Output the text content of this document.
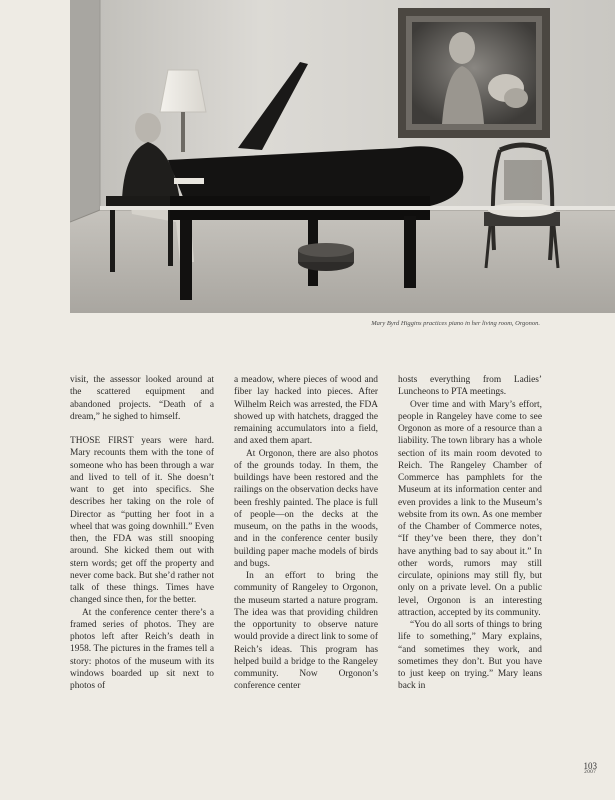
Mary Byrd Higgins practices piano in her living room, Orgonon.

visit, the assessor looked around at the scattered equipment and abandoned projects. “Death of a dream,” he sighed to himself.

THOSE FIRST years were hard. Mary recounts them with the tone of someone who has been through a war and lived to tell of it. She doesn’t want to get into specifics. She describes her taking on the role of Director as “putting her foot in a wheel that was going downhill.” Even then, the FDA was still snooping around. She kicked them out with stern words; get off the property and never come back. But she’d rather not talk of these things. Times have changed since then, for the better.

At the conference center there’s a framed series of photos. They are photos left after Reich’s death in 1958. The pictures in the frames tell a story: photos of the museum with its windows boarded up sit next to photos of

a meadow, where pieces of wood and fiber lay hacked into pieces. After Wilhelm Reich was arrested, the FDA showed up with hatchets, dragged the remaining accumulators into a field, and axed them apart.

At Orgonon, there are also photos of the grounds today. In them, the buildings have been restored and the railings on the observation decks have been freshly painted. The place is full of people—on the decks at the museum, on the paths in the woods, and in the conference center busily building paper mache models of birds and bugs.

In an effort to bring the community of Rangeley to Orgonon, the museum started a nature program. The idea was that providing children the opportunity to observe nature would provide a direct link to some of Reich’s ideas. This program has helped build a bridge to the Rangeley community. Now Orgonon’s conference center

hosts everything from Ladies’ Luncheons to PTA meetings.

Over time and with Mary’s effort, people in Rangeley have come to see Orgonon as more of a resource than a liability. The town library has a whole section of its main room devoted to Reich. The Rangeley Chamber of Commerce has pamphlets for the Museum at its information center and even provides a link to the Museum’s website from its own. As one member of the Chamber of Commerce notes, “If they’ve been there, they don’t have anything bad to say about it.” In other words, rumors may still circulate, opinions may still fly, but only on a private level. On a public level, Orgonon is an interesting attraction, accepted by its community.

“You do all sorts of things to bring life to something,” Mary explains, “and sometimes they work, and sometimes they don’t. But you have to just keep on trying.” Mary leans back in

103
2007
